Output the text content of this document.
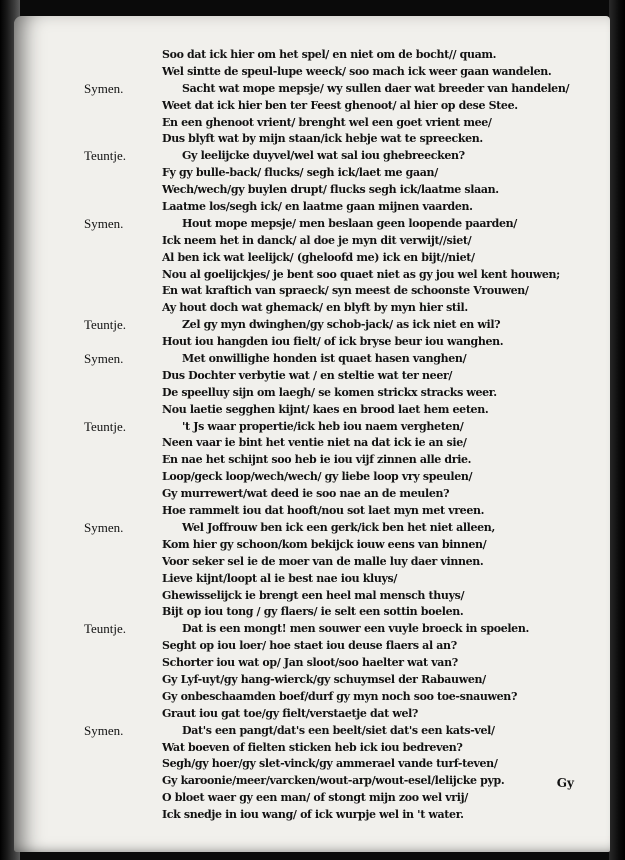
Soo dat ick hier om het spel/ en niet om de bocht// quam.
Wel sintte de speul-lupe weeck/ soo mach ick weer gaan wandelen.
Symen.	Sacht wat mope mepsje/ wy sullen daer wat breeder van handelen/
Weet dat ick hier ben ter Feest ghenoot/ al hier op dese Stee.
En een ghenoot vrient/ brenght wel een goet vrient mee/
Dus blyft wat by mijn staan/ick hebje wat te spreecken.
Teuntje.	Gy leelijcke duyvel/wel wat sal iou ghebreecken?
Fy gy bulle-back/ flucks/ segh ick/laet me gaan/
Wech/wech/gy buylen drupt/ flucks segh ick/laatme slaan.
Laatme los/segh ick/ en laatme gaan mijnen vaarden.
Symen.	Hout mope mepsje/ men beslaan geen loopende paarden/
Ick neem het in danck/ al doe je myn dit verwijt//siet/
Al ben ick wat leelijck/ (gheloofd me) ick en bijt//niet/
Nou al goelijckjes/ je bent soo quaet niet as gy jou wel kent houwen;
En wat kraftich van spraeck/ syn meest de schoonste Vrouwen/
Ay hout doch wat ghemack/ en blyft by myn hier stil.
Teuntje.	Zel gy myn dwinghen/gy schob-jack/ as ick niet en wil?
Hout iou hangden iou fielt/ of ick bryse beur iou wanghen.
Symen.	Met onwillighe honden ist quaet hasen vanghen/
Dus Dochter verbytie wat / en steltie wat ter neer/
De speelluy sijn om laegh/ se komen strickx stracks weer.
Nou laetie segghen kijnt/ kaes en brood laet hem eeten.
Teuntje.	't Js waar propertie/ick heb iou naem vergheten/
Neen vaar ie bint het ventie niet na dat ick ie an sie/
En nae het schijnt soo heb ie iou vijf zinnen alle drie.
Loop/geck loop/wech/wech/ gy liebe loop vry speulen/
Gy murrewert/wat deed ie soo nae an de meulen?
Hoe rammelt iou dat hooft/nou sot laet myn met vreen.
Symen.	Wel Joffrouw ben ick een gerk/ick ben het niet alleen,
Kom hier gy schoon/kom bekijck iouw eens van binnen/
Voor seker sel ie de moer van de malle luy daer vinnen.
Lieve kijnt/loopt al ie best nae iou kluys/
Ghewisselijck ie brengt een heel mal mensch thuys/
Bijt op iou tong / gy flaers/ ie selt een sottin boelen.
Teuntje.	Dat is een mongt! men souwer een vuyle broeck in spoelen.
Seght op iou loer/ hoe staet iou deuse flaers al an?
Schorter iou wat op/ Jan sloot/soo haelter wat van?
Gy Lyf-uyt/gy hang-wierck/gy schuymsel der Rabauwen/
Gy onbeschaamden boef/durf gy myn noch soo toe-snauwen?
Graut iou gat toe/gy fielt/verstaetje dat wel?
Symen.	Dat's een pangt/dat's een beelt/siet dat's een kats-vel/
Wat boeven of fielten sticken heb ick iou bedreven?
Segh/gy hoer/gy slet-vinck/gy ammerael vande turf-teven/
Gy karoonie/meer/varcken/wout-arp/wout-esel/lelijcke pyp.
O bloet waer gy een man/ of stongt mijn zoo wel vrij/
Ick snedje in iou wang/ of ick wurpje wel in 't water.
Gy
